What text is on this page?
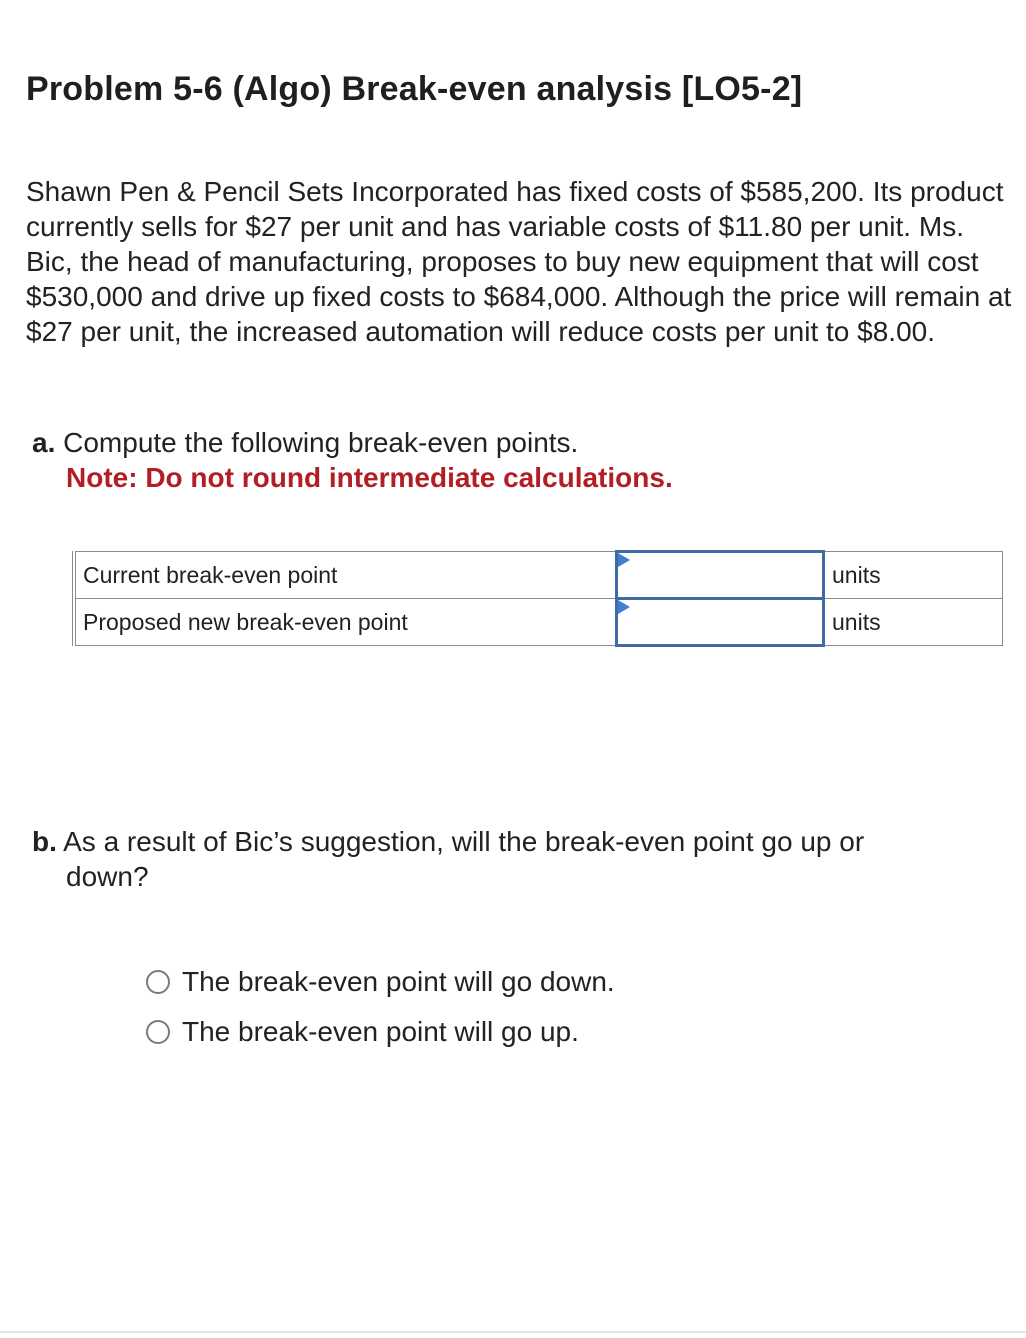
Problem 5-6 (Algo) Break-even analysis [LO5-2]

Shawn Pen & Pencil Sets Incorporated has fixed costs of $585,200. Its product currently sells for $27 per unit and has variable costs of $11.80 per unit. Ms. Bic, the head of manufacturing, proposes to buy new equipment that will cost $530,000 and drive up fixed costs to $684,000. Although the price will remain at $27 per unit, the increased automation will reduce costs per unit to $8.00.

a. Compute the following break-even points.
Note: Do not round intermediate calculations.
Current break-even point		units
Proposed new break-even point		units
b. As a result of Bic’s suggestion, will the break-even point go up or
down?
The break-even point will go down.
The break-even point will go up.
